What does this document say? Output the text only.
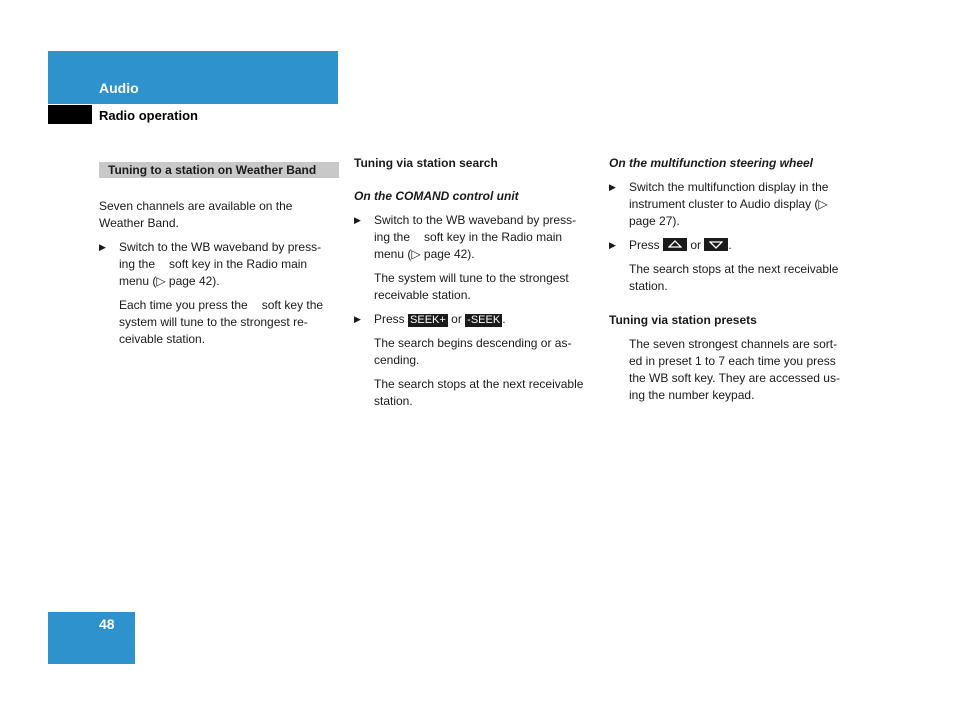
Audio
Radio operation
Tuning to a station on Weather Band

Seven channels are available on the Weather Band.

▶ Switch to the WB waveband by press-
ing the soft key in the Radio main
menu (▷ page 42).
Each time you press the soft key the
system will tune to the strongest re-
ceivable station.
Tuning via station search
On the COMAND control unit
▶ Switch to the WB waveband by press-
ing the soft key in the Radio main
menu (▷ page 42).

The system will tune to the strongest receivable station.

▶ Press SEEK+ or -SEEK .

The search begins descending or as-cending.

The search stops at the next receivable station.

On the multifunction steering wheel
▶ Switch the multifunction display in the instrument cluster to Audio display (▷ page 27).
▶ Press	or .

The search stops at the next receivable station.

Tuning via station presets

The seven strongest channels are sort-ed in preset 1 to 7 each time you press the WB soft key. They are accessed us-ing the number keypad.

48
